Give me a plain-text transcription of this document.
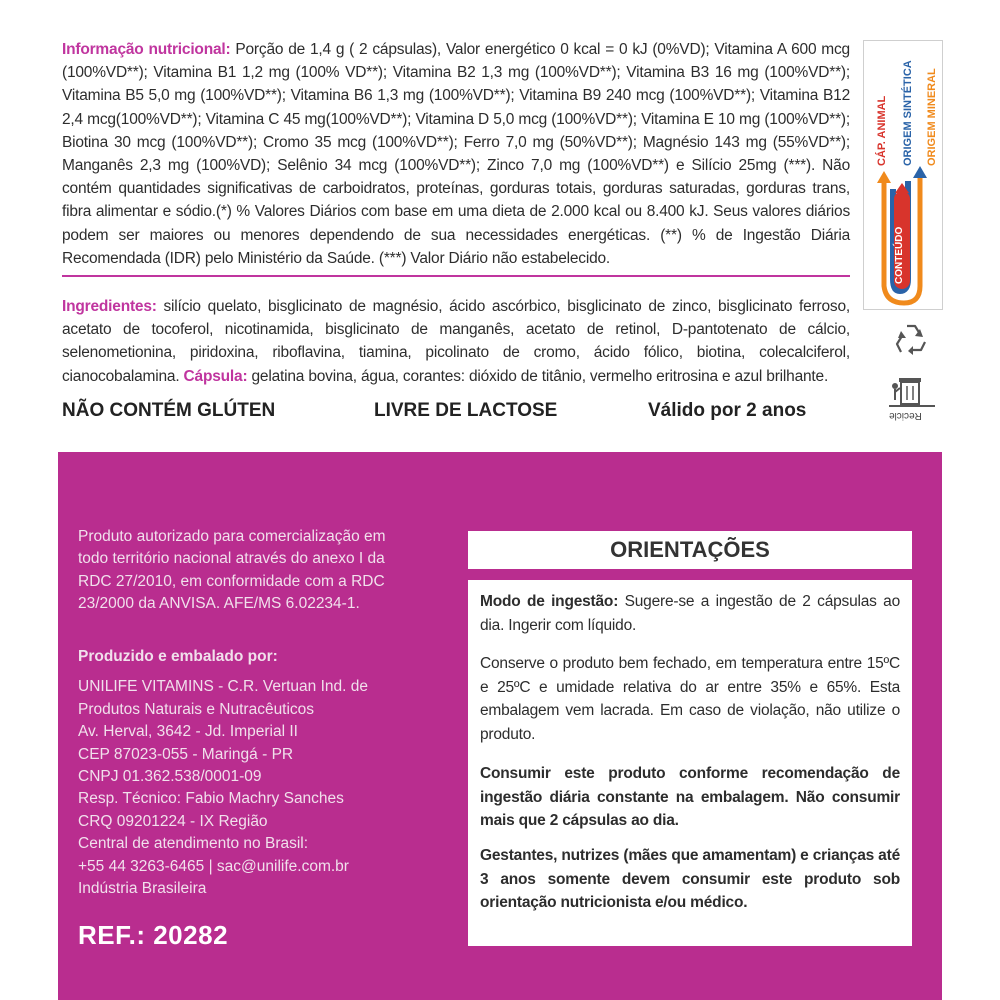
Informação nutricional: Porção de 1,4 g ( 2 cápsulas), Valor energético 0 kcal = 0 kJ (0%VD); Vitamina A 600 mcg (100%VD**); Vitamina B1 1,2 mg (100% VD**); Vitamina B2 1,3 mg (100%VD**); Vitamina B3 16 mg (100%VD**); Vitamina B5 5,0 mg (100%VD**); Vitamina B6 1,3 mg (100%VD**); Vitamina B9 240 mcg (100%VD**); Vitamina B12 2,4 mcg(100%VD**); Vitamina C 45 mg(100%VD**); Vitamina D 5,0 mcg (100%VD**); Vitamina E 10 mg (100%VD**); Biotina 30 mcg (100%VD**); Cromo 35 mcg (100%VD**); Ferro 7,0 mg (50%VD**); Magnésio 143 mg (55%VD**); Manganês 2,3 mg (100%VD); Selênio 34 mcg (100%VD**); Zinco 7,0 mg (100%VD**) e Silício 25mg (***). Não contém quantidades significativas de carboidratos, proteínas, gorduras totais, gorduras saturadas, gorduras trans, fibra alimentar e sódio.(*) % Valores Diários com base em uma dieta de 2.000 kcal ou 8.400 kJ. Seus valores diários podem ser maiores ou menores dependendo de sua necessidades energéticas. (**) % de Ingestão Diária Recomendada (IDR) pelo Ministério da Saúde. (***) Valor Diário não estabelecido.

Ingredientes: silício quelato, bisglicinato de magnésio, ácido ascórbico, bisglicinato de zinco, bisglicinato ferroso, acetato de tocoferol, nicotinamida, bisglicinato de manganês, acetato de retinol, D-pantotenato de cálcio, selenometionina, piridoxina, riboflavina, tiamina, picolinato de cromo, ácido fólico, biotina, colecalciferol, cianocobalamina. Cápsula: gelatina bovina, água, corantes: dióxido de titânio, vermelho eritrosina e azul brilhante.

NÃO CONTÉM GLÚTEN	LIVRE DE LACTOSE	Válido por 2 anos
CÁP. ANIMAL ORIGEM SINTÉTICA ORIGEM MINERAL
CONTEÚDO
Recicle

Produto autorizado para comercialização em todo território nacional através do anexo I da RDC 27/2010, em conformidade com a RDC 23/2000 da ANVISA. AFE/MS 6.02234-1.

Produzido e embalado por:
UNILIFE VITAMINS - C.R. Vertuan Ind. de
Produtos Naturais e Nutracêuticos
Av. Herval, 3642 - Jd. Imperial II
CEP 87023-055 - Maringá - PR
CNPJ 01.362.538/0001-09
Resp. Técnico: Fabio Machry Sanches
CRQ 09201224 - IX Região
Central de atendimento no Brasil:
+55 44 3263-6465 | sac@unilife.com.br
Indústria Brasileira
REF.: 20282
ORIENTAÇÕES

Modo de ingestão: Sugere-se a ingestão de 2 cápsulas ao dia. Ingerir com líquido.

Conserve o produto bem fechado, em temperatura entre 15ºC e 25ºC e umidade relativa do ar entre 35% e 65%. Esta embalagem vem lacrada. Em caso de violação, não utilize o produto.

Consumir este produto conforme recomendação de ingestão diária constante na embalagem. Não consumir mais que 2 cápsulas ao dia.

Gestantes, nutrizes (mães que amamentam) e crianças até 3 anos somente devem consumir este produto sob orientação nutricionista e/ou médico.
